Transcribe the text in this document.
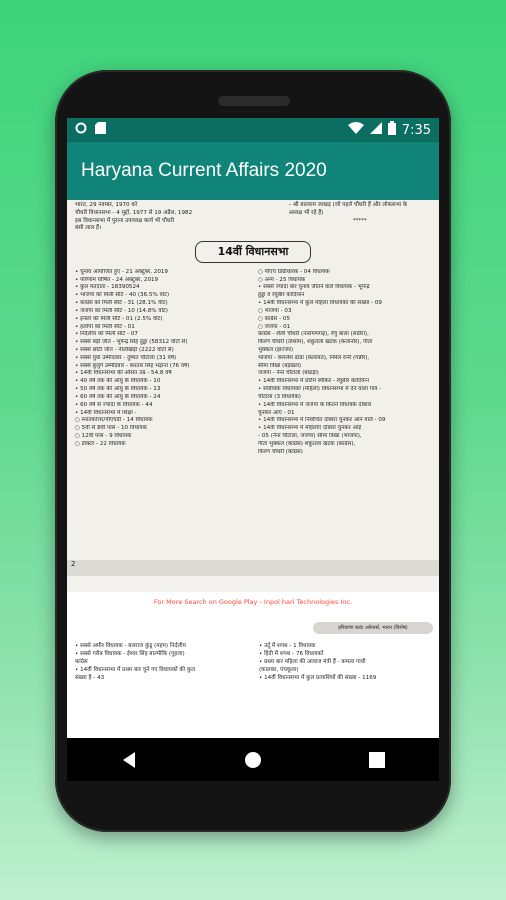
7:35
Haryana Current Affairs 2020
भारत, 29 नवम्बर, 1970 को
चौधरी विधानसभा - 4 मुद्दों, 1977 से 19 अप्रैल, 1982
इस विधानसभा में पुराना उपाध्यक्ष कार्य भी चौधरी
बंसी लाल हैं।
– श्री बालराम जाखड़ (जो पहले चौधरी हैं और लोकसभा के
अध्यक्ष भी रहे हैं)
*****
14वीं विधानसभा
• चुनाव आयोजित हुए - 21 अक्टूबर, 2019
• परिणाम घोषित - 24 अक्टूबर, 2019
• कुल मतदाता - 18390524
• भाजपा को मिली सीटें - 40 (36.5% वोट)
• कांग्रेस को मिली सीटें - 31 (28.1% वोट)
• जजपा को मिली सीटें - 10 (14.8% वोट)
• इनेलो को मिली सीटें - 01 (2.5% वोट)
• हलोपा को मिली सीटें - 01
• निर्दलीय को मिली सीटें - 07
• सबसे बड़ी जीत - भूपेन्द्र सिंह हुड्डा (58312 वोटों से)
• सबसे छोटी जीत - नीलोखेड़ी (2222 वोटों से)
• सबसे युवा उम्मीदवार - दुष्यंत चौटाला (31 वर्ष)
• सबसे बुजुर्ग उम्मीदवार - करतार सिंह भड़ाना (76 वर्ष)
• 14वीं विधानसभा की औसत उम्र - 54.8 वर्ष
• 40 वर्ष तक की आयु के विधायक - 10
• 50 वर्ष तक की आयु के विधायक - 13
• 60 वर्ष तक की आयु के विधायक - 24
• 60 वर्ष से ज्यादा के विधायक - 44
• 14वीं विधानसभा में शिक्षा -
○ स्नातकोत्तर/पीएचडी - 14 विधायक
○ 5वीं से 8वीं पास - 10 विधायक
○ 12वीं पास - 9 विधायक
○ डॉक्टर - 22 विधायक
○ पीएच डिग्रीधारक - 04 विधायक
○ अन्य - 25 विधायक
• सबसे ज्यादा बार चुनाव जीतने वाले विधायक - भूपेन्द्र
हुड्डा व रघुबीर कादियान
• 14वीं विधानसभा में कुल महिला विधायकों की संख्या - 09
○ भाजपा - 03
○ कांग्रेस - 05
○ जजपा - 01
कांग्रेस - शैली चौधरी (नारायणगढ़), रेणु बाला (सढौरा),
किरण चौधरी (तोशाम), शकुंतला खटक (कलानौर), गीता
भुक्कल (झज्जर)
भाजपा - कमलेश ढांडा (कलायत), निर्मल रानी (गन्नौर),
सीमा त्रिखा (बड़खल)
जजपा - नैना चौटाला (बाढड़ा)
• 14वीं विधानसभा में प्रोटेम स्पीकर - रघुबीर कादियान
• सर्वाधिक विधायकों (महिला) विधानसभा में देने वाला गांव -
चौटाला (3 विधायक)
• 14वीं विधानसभा में जजपा के कितने विधायक दोबारा
चुनकर आए - 01
• 14वीं विधानसभा में निर्वाचित दोबारा चुनकर आने वाले - 09
• 14वीं विधानसभा में महिलाएं दोबारा चुनकर आईं
- 05 (नैना चौटाला, जजपा) सीमा त्रिखा (भाजपा),
गीता भुक्कल (कांग्रेस) शकुंतला खटक (कांग्रेस),
किरण चौधरी (कांग्रेस)
2
For More Search on Google Play - Inpol hari Technologies Inc.
हरियाणा करंट अफेयर्स, भारत (विशेष)
• सबसे अमीर विधायक - बलराज कुंडू (महम) निर्दलीय
• सबसे गरीब विधायक - ईश्वर सिंह बाल्मीकि (गुहला)
कांग्रेस
• 14वीं विधानसभा में प्रथम बार चुने गए विधायकों की कुल
संख्या है - 43
• उर्दू में शपथ - 1 विधायक
• हिंदी में शपथ - 76 विधायकों
• प्रथम बार महिला की आवाज मंत्री हैं - कमला गांधी
(कालका, पंचकूला)
• 14वीं विधानसभा में कुल प्रत्याशियों की संख्या - 1169
